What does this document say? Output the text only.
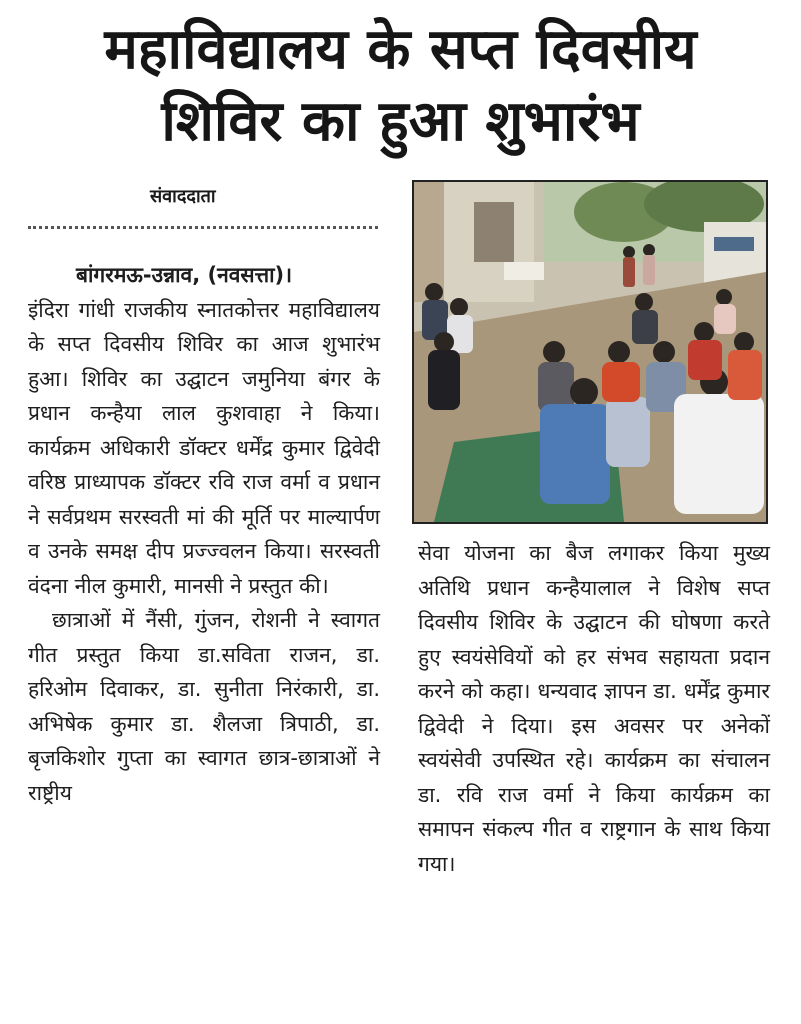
महाविद्यालय के सप्त दिवसीय
शिविर का हुआ शुभारंभ
संवाददाता

बांगरमऊ-उन्नाव, (नवसत्ता)।
इंदिरा गांधी राजकीय स्नातकोत्तर महाविद्यालय के सप्त दिवसीय शिविर का आज शुभारंभ हुआ। शिविर का उद्घाटन जमुनिया बंगर के प्रधान कन्हैया लाल कुशवाहा ने किया। कार्यक्रम अधिकारी डॉक्टर धर्मेंद्र कुमार द्विवेदी वरिष्ठ प्राध्यापक डॉक्टर रवि राज वर्मा व प्रधान ने सर्वप्रथम सरस्वती मां की मूर्ति पर माल्यार्पण व उनके समक्ष दीप प्रज्ज्वलन किया। सरस्वती वंदना नील कुमारी, मानसी ने प्रस्तुत की।

छात्राओं में नैंसी, गुंजन, रोशनी ने स्वागत गीत प्रस्तुत किया डा.सविता राजन, डा. हरिओम दिवाकर, डा. सुनीता निरंकारी, डा. अभिषेक कुमार डा. शैलजा त्रिपाठी, डा. बृजकिशोर गुप्ता का स्वागत छात्र-छात्राओं ने राष्ट्रीय

सेवा योजना का बैज लगाकर किया मुख्य अतिथि प्रधान कन्हैयालाल ने विशेष सप्त दिवसीय शिविर के उद्घाटन की घोषणा करते हुए स्वयंसेवियों को हर संभव सहायता प्रदान करने को कहा। धन्यवाद ज्ञापन डा. धर्मेंद्र कुमार द्विवेदी ने दिया। इस अवसर पर अनेकों स्वयंसेवी उपस्थित रहे। कार्यक्रम का संचालन डा. रवि राज वर्मा ने किया कार्यक्रम का समापन संकल्प गीत व राष्ट्रगान के साथ किया गया।
